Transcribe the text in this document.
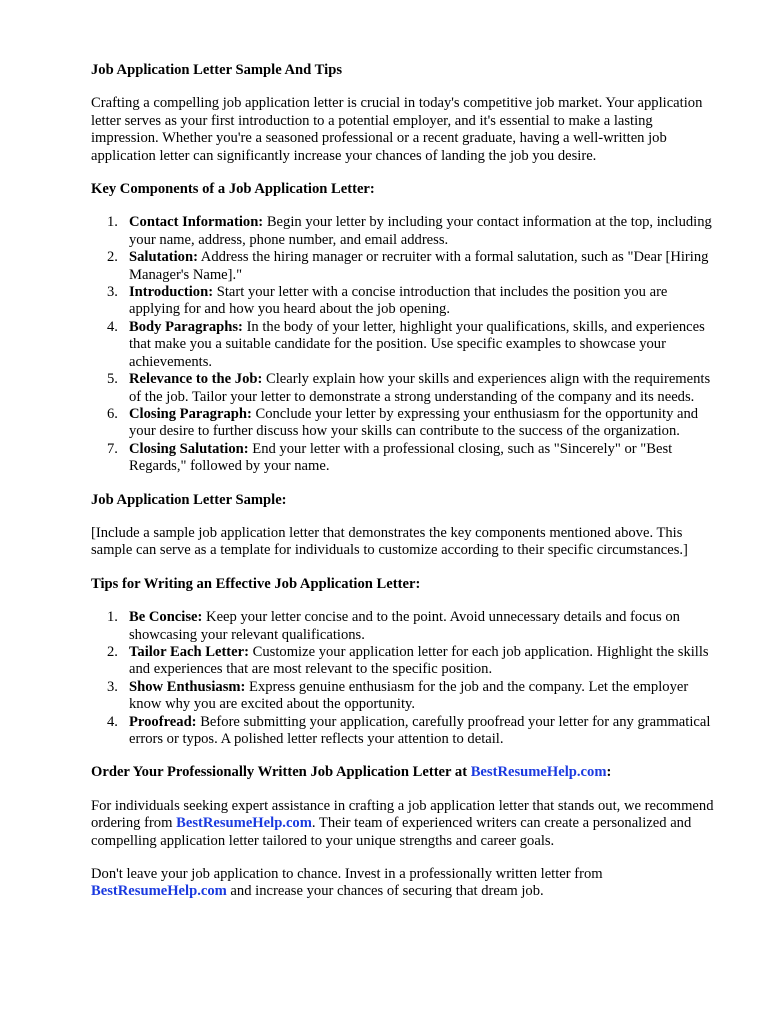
Job Application Letter Sample And Tips

Crafting a compelling job application letter is crucial in today's competitive job market. Your application letter serves as your first introduction to a potential employer, and it's essential to make a lasting impression. Whether you're a seasoned professional or a recent graduate, having a well-written job application letter can significantly increase your chances of landing the job you desire.

Key Components of a Job Application Letter:
1. Contact Information: Begin your letter by including your contact information at the top, including your name, address, phone number, and email address.
2. Salutation: Address the hiring manager or recruiter with a formal salutation, such as "Dear [Hiring Manager's Name]."
3. Introduction: Start your letter with a concise introduction that includes the position you are applying for and how you heard about the job opening.
4. Body Paragraphs: In the body of your letter, highlight your qualifications, skills, and experiences that make you a suitable candidate for the position. Use specific examples to showcase your achievements.
5. Relevance to the Job: Clearly explain how your skills and experiences align with the requirements of the job. Tailor your letter to demonstrate a strong understanding of the company and its needs.
6. Closing Paragraph: Conclude your letter by expressing your enthusiasm for the opportunity and your desire to further discuss how your skills can contribute to the success of the organization.
7. Closing Salutation: End your letter with a professional closing, such as "Sincerely" or "Best Regards," followed by your name.
Job Application Letter Sample:

[Include a sample job application letter that demonstrates the key components mentioned above. This sample can serve as a template for individuals to customize according to their specific circumstances.]

Tips for Writing an Effective Job Application Letter:
1. Be Concise: Keep your letter concise and to the point. Avoid unnecessary details and focus on showcasing your relevant qualifications.
2. Tailor Each Letter: Customize your application letter for each job application. Highlight the skills and experiences that are most relevant to the specific position.
3. Show Enthusiasm: Express genuine enthusiasm for the job and the company. Let the employer know why you are excited about the opportunity.
4. Proofread: Before submitting your application, carefully proofread your letter for any grammatical errors or typos. A polished letter reflects your attention to detail.
Order Your Professionally Written Job Application Letter at BestResumeHelp.com:

For individuals seeking expert assistance in crafting a job application letter that stands out, we recommend ordering from BestResumeHelp.com. Their team of experienced writers can create a personalized and compelling application letter tailored to your unique strengths and career goals.

Don't leave your job application to chance. Invest in a professionally written letter from BestResumeHelp.com and increase your chances of securing that dream job.
